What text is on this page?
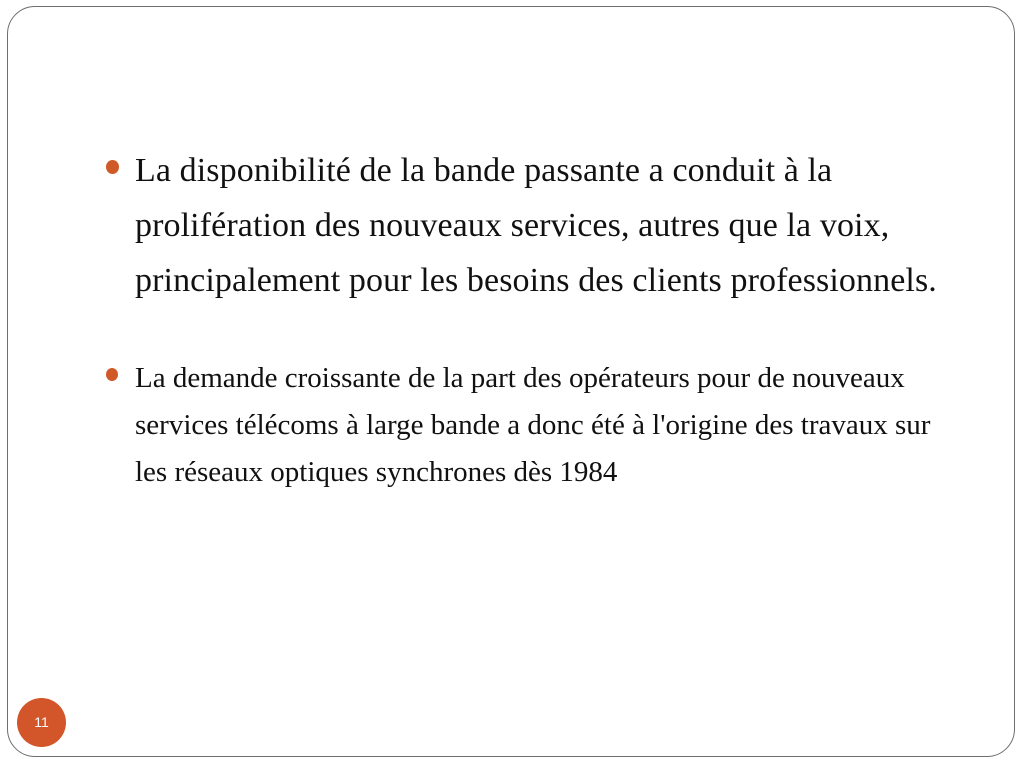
La disponibilité de la bande passante a conduit à la prolifération des nouveaux services, autres que la voix, principalement pour les besoins des clients professionnels.
La demande croissante de la part des opérateurs pour de nouveaux services télécoms à large bande a donc été à l'origine des travaux sur les réseaux optiques synchrones dès 1984
11
